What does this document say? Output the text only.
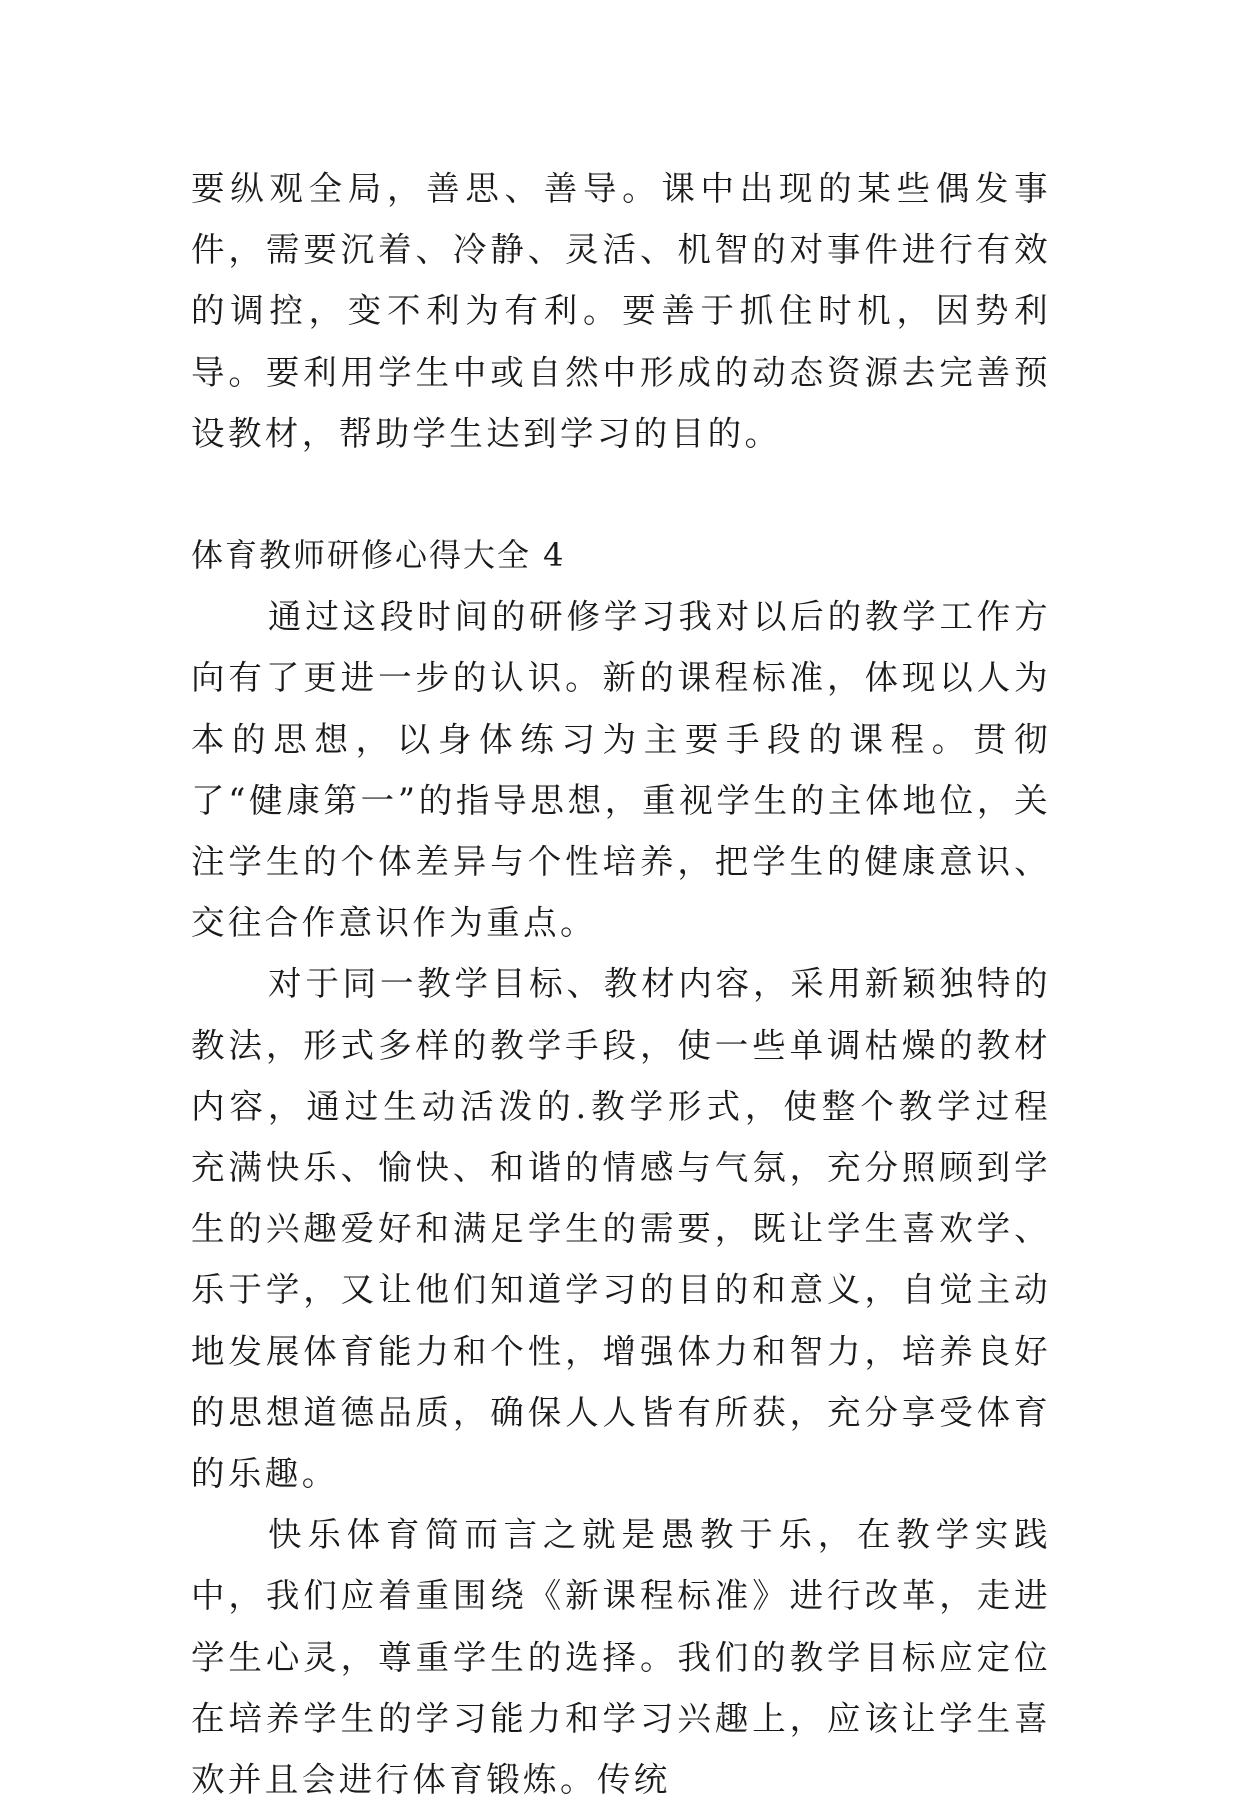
要纵观全局，善思、善导。课中出现的某些偶发事件，需要沉着、冷静、灵活、机智的对事件进行有效的调控，变不利为有利。要善于抓住时机，因势利导。要利用学生中或自然中形成的动态资源去完善预设教材，帮助学生达到学习的目的。

体育教师研修心得大全 4

通过这段时间的研修学习我对以后的教学工作方向有了更进一步的认识。新的课程标准，体现以人为本的思想，以身体练习为主要手段的课程。贯彻了“健康第一”的指导思想，重视学生的主体地位，关注学生的个体差异与个性培养，把学生的健康意识、交往合作意识作为重点。

对于同一教学目标、教材内容，采用新颖独特的教法，形式多样的教学手段，使一些单调枯燥的教材内容，通过生动活泼的.教学形式，使整个教学过程充满快乐、愉快、和谐的情感与气氛，充分照顾到学生的兴趣爱好和满足学生的需要，既让学生喜欢学、乐于学，又让他们知道学习的目的和意义，自觉主动地发展体育能力和个性，增强体力和智力，培养良好的思想道德品质，确保人人皆有所获，充分享受体育的乐趣。

快乐体育简而言之就是愚教于乐，在教学实践中，我们应着重围绕《新课程标准》进行改革，走进学生心灵，尊重学生的选择。我们的教学目标应定位在培养学生的学习能力和学习兴趣上，应该让学生喜欢并且会进行体育锻炼。传统
